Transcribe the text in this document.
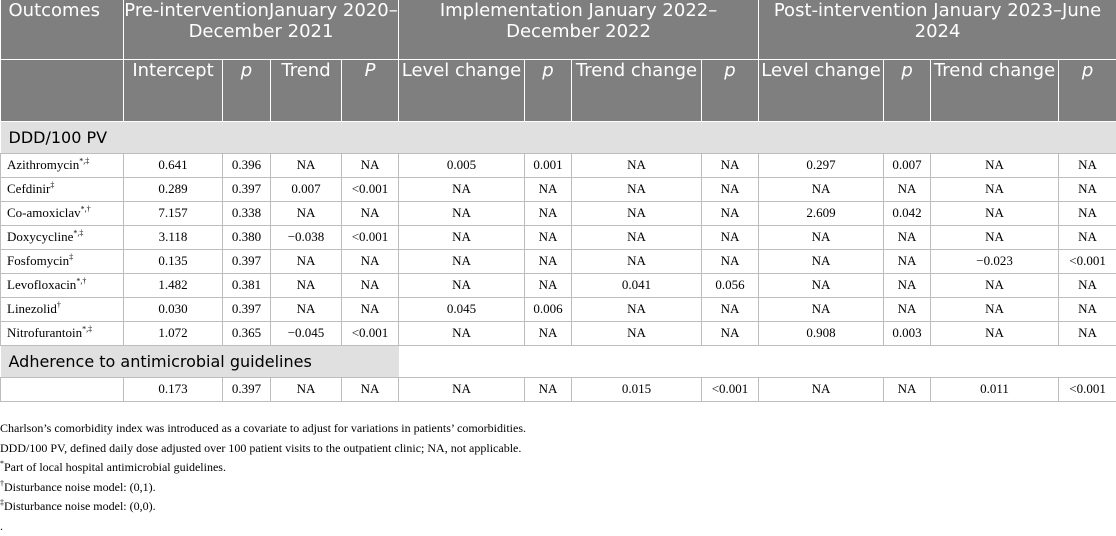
Outcomes	Pre-interventionJanuary 2020–December 2021				Implementation January 2022–December 2022				Post-intervention January 2023–June 2024			
	Intercept	p	Trend	P	Level change	p	Trend change	p	Level change	p	Trend change	p
DDD/100 PV												
Azithromycin*,‡	0.641	0.396	NA	NA	0.005	0.001	NA	NA	0.297	0.007	NA	NA
Cefdinir‡	0.289	0.397	0.007	<0.001	NA	NA	NA	NA	NA	NA	NA	NA
Co-amoxiclav*,†	7.157	0.338	NA	NA	NA	NA	NA	NA	2.609	0.042	NA	NA
Doxycycline*,‡	3.118	0.380	−0.038	<0.001	NA	NA	NA	NA	NA	NA	NA	NA
Fosfomycin‡	0.135	0.397	NA	NA	NA	NA	NA	NA	NA	NA	−0.023	<0.001
Levofloxacin*,†	1.482	0.381	NA	NA	NA	NA	0.041	0.056	NA	NA	NA	NA
Linezolid†	0.030	0.397	NA	NA	0.045	0.006	NA	NA	NA	NA	NA	NA
Nitrofurantoin*,‡	1.072	0.365	−0.045	<0.001	NA	NA	NA	NA	0.908	0.003	NA	NA
Adherence to antimicrobial guidelines												
	0.173	0.397	NA	NA	NA	NA	0.015	<0.001	NA	NA	0.011	<0.001
Charlson’s comorbidity index was introduced as a covariate to adjust for variations in patients’ comorbidities.
DDD/100 PV, defined daily dose adjusted over 100 patient visits to the outpatient clinic; NA, not applicable.
*Part of local hospital antimicrobial guidelines.
†Disturbance noise model: (0,1).
‡Disturbance noise model: (0,0).
.
